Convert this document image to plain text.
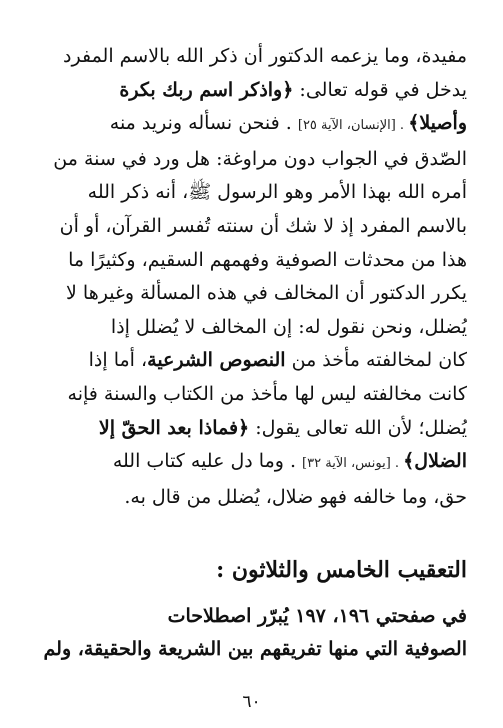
مفيدة، وما يزعمه الدكتور أن ذكر الله بالاسم المفرد
يدخل في قوله تعالى: ﴿واذكر اسم ربك بكرة
وأصيلا﴾ . [الإنسان، الآية ٢٥] . فنحن نسأله ونريد منه
الصّدق في الجواب دون مراوغة: هل ورد في سنة من
أمره الله بهذا الأمر وهو الرسول ﷺ، أنه ذكر الله
بالاسم المفرد إذ لا شك أن سنته تُفسر القرآن، أو أن
هذا من محدثات الصوفية وفهمهم السقيم، وكثيرًا ما
يكرر الدكتور أن المخالف في هذه المسألة وغيرها لا
يُضلل، ونحن نقول له: إن المخالف لا يُضلل إذا
كان لمخالفته مأخذ من النصوص الشرعية، أما إذا
كانت مخالفته ليس لها مأخذ من الكتاب والسنة فإنه
يُضلل؛ لأن الله تعالى يقول: ﴿فماذا بعد الحقّ إلا
الضلال﴾ . [يونس، الآية ٣٢] . وما دل عليه كتاب الله
حق، وما خالفه فهو ضلال، يُضلل من قال به.
التعقيب الخامس والثلاثون :
في صفحتي ١٩٦، ١٩٧ يُبرّر اصطلاحات
الصوفية التي منها تفريقهم بين الشريعة والحقيقة، ولم
٦٠
